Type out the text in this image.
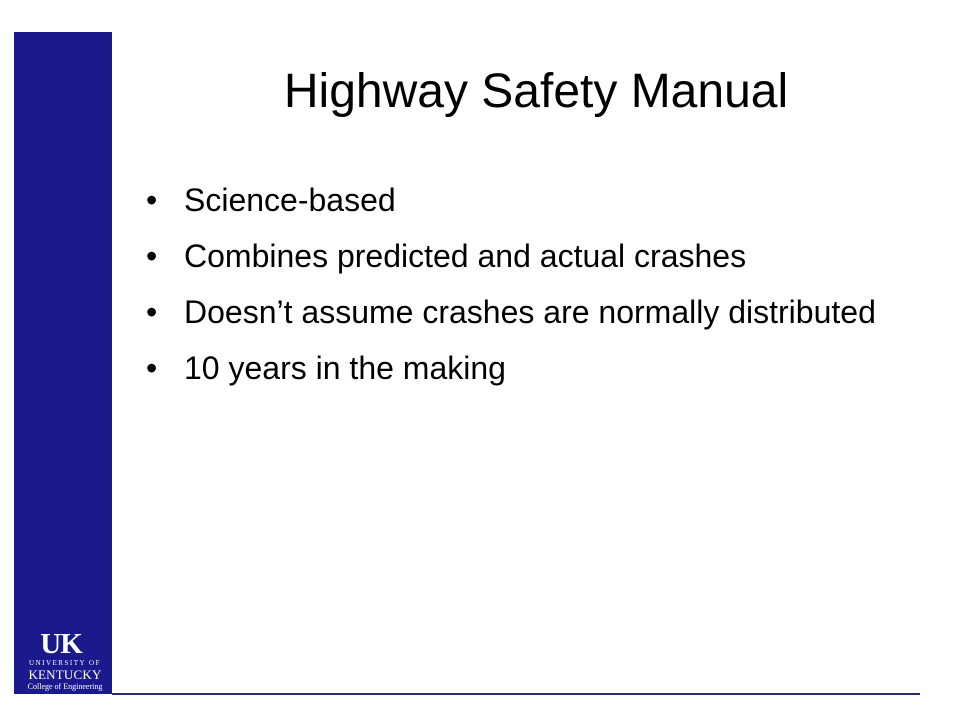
UK
UNIVERSITY OF
KENTUCKY
College of Engineering
Highway Safety Manual
• Science-based
• Combines predicted and actual crashes
• Doesn’t assume crashes are normally distributed
• 10 years in the making
